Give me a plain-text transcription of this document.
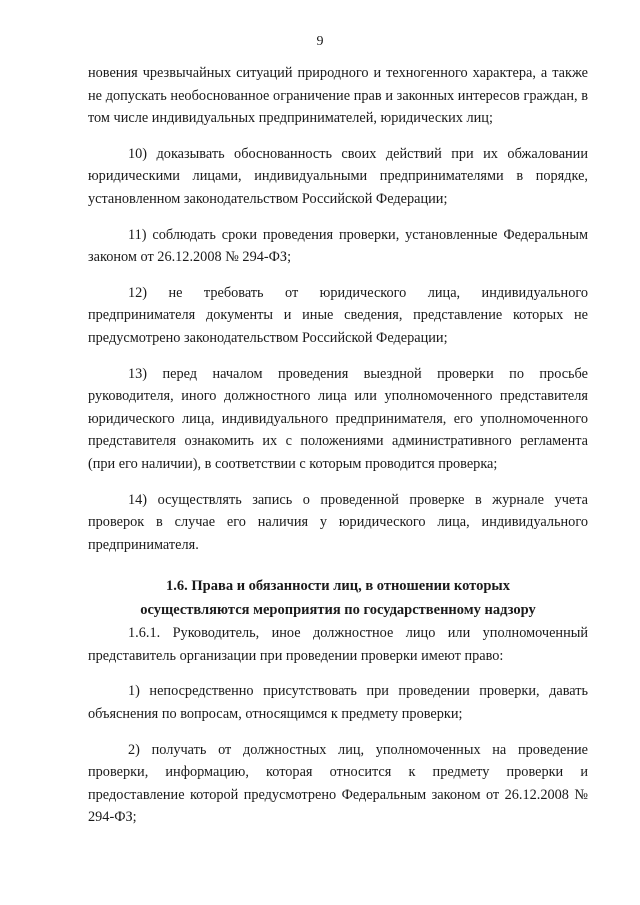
9

новения чрезвычайных ситуаций природного и техногенного характера, а также не допускать необоснованное ограничение прав и законных интересов граждан, в том числе индивидуальных предпринимателей, юридических лиц;

10) доказывать обоснованность своих действий при их обжаловании юридическими лицами, индивидуальными предпринимателями в порядке, установленном законодательством Российской Федерации;

11) соблюдать сроки проведения проверки, установленные Федеральным законом от 26.12.2008 № 294-ФЗ;

12) не требовать от юридического лица, индивидуального предпринимателя документы и иные сведения, представление которых не предусмотрено законодательством Российской Федерации;

13) перед началом проведения выездной проверки по просьбе руководителя, иного должностного лица или уполномоченного представителя юридического лица, индивидуального предпринимателя, его уполномоченного представителя ознакомить их с положениями административного регламента (при его наличии), в соответствии с которым проводится проверка;

14) осуществлять запись о проведенной проверке в журнале учета проверок в случае его наличия у юридического лица, индивидуального предпринимателя.

1.6. Права и обязанности лиц, в отношении которых

осуществляются мероприятия по государственному надзору

1.6.1. Руководитель, иное должностное лицо или уполномоченный представитель организации при проведении проверки имеют право:

1) непосредственно присутствовать при проведении проверки, давать объяснения по вопросам, относящимся к предмету проверки;

2) получать от должностных лиц, уполномоченных на проведение проверки, информацию, которая относится к предмету проверки и предоставление которой предусмотрено Федеральным законом от 26.12.2008 № 294-ФЗ;
